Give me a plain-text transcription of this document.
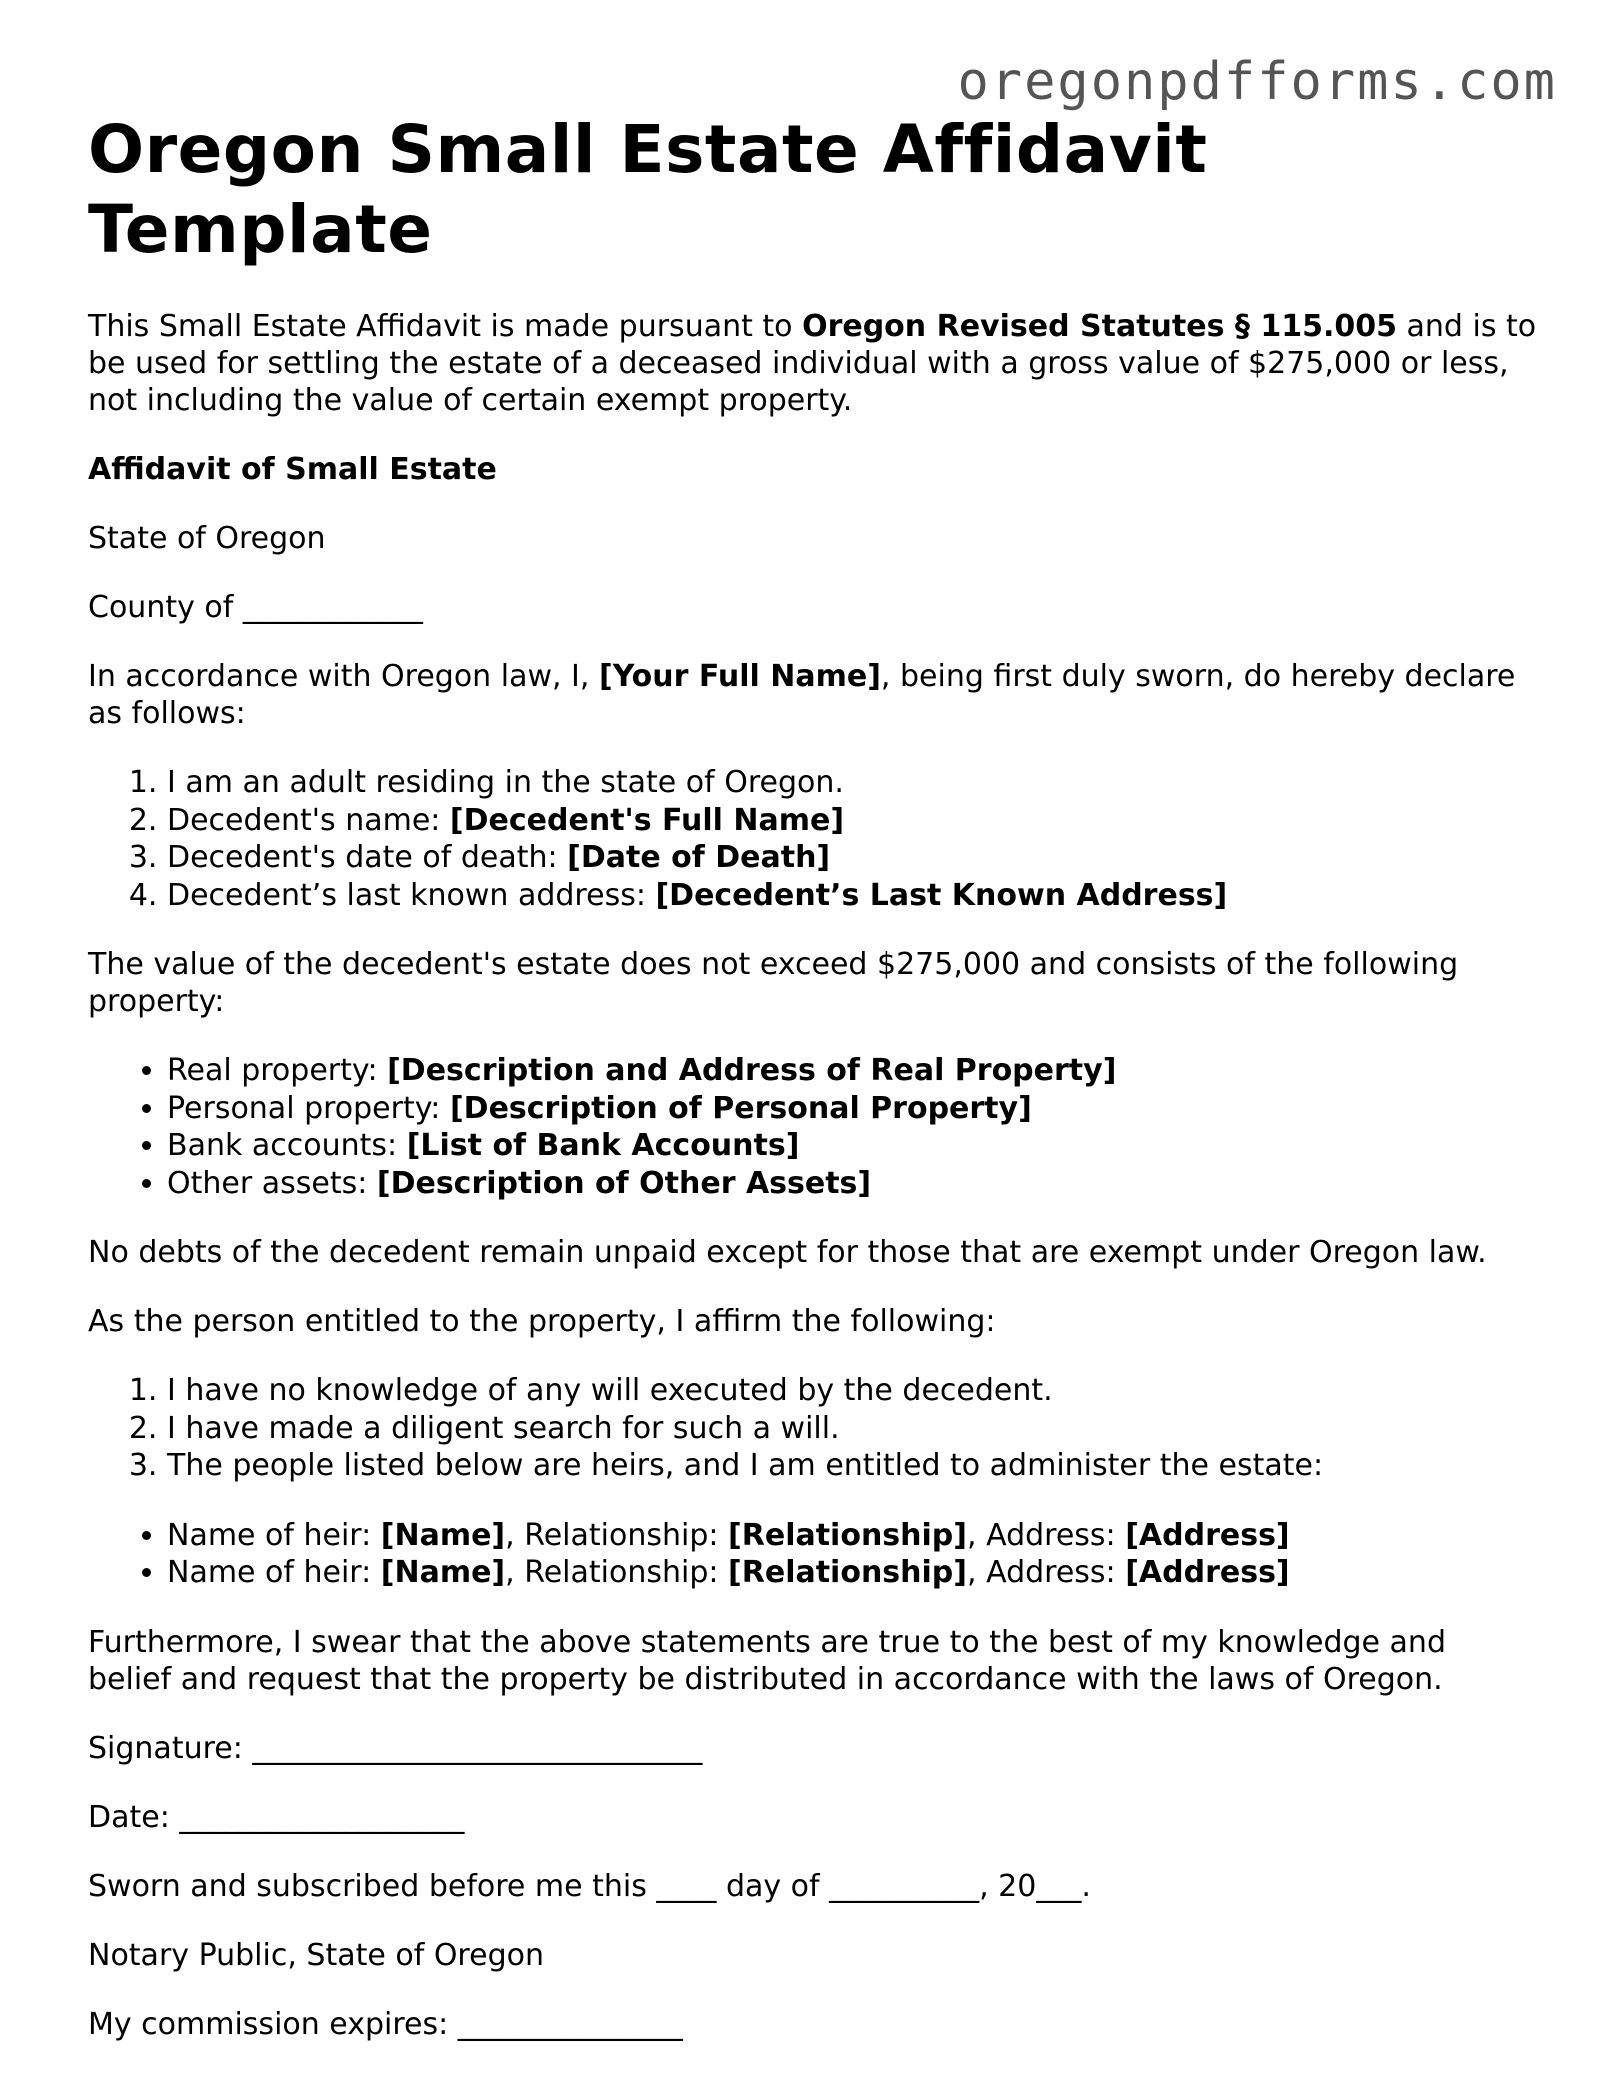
oregonpdfforms.com
Oregon Small Estate Affidavit Template

This Small Estate Affidavit is made pursuant to Oregon Revised Statutes § 115.005 and is to be used for settling the estate of a deceased individual with a gross value of $275,000 or less, not including the value of certain exempt property.

Affidavit of Small Estate

State of Oregon

County of ____________

In accordance with Oregon law, I, [Your Full Name], being first duly sworn, do hereby declare as follows:

1. I am an adult residing in the state of Oregon.
2. Decedent's name: [Decedent's Full Name]
3. Decedent's date of death: [Date of Death]
4. Decedent’s last known address: [Decedent’s Last Known Address]

The value of the decedent's estate does not exceed $275,000 and consists of the following property:

• Real property: [Description and Address of Real Property]
• Personal property: [Description of Personal Property]
• Bank accounts: [List of Bank Accounts]
• Other assets: [Description of Other Assets]

No debts of the decedent remain unpaid except for those that are exempt under Oregon law.

As the person entitled to the property, I affirm the following:

1. I have no knowledge of any will executed by the decedent.
2. I have made a diligent search for such a will.
3. The people listed below are heirs, and I am entitled to administer the estate:
• Name of heir: [Name], Relationship: [Relationship], Address: [Address]
• Name of heir: [Name], Relationship: [Relationship], Address: [Address]

Furthermore, I swear that the above statements are true to the best of my knowledge and belief and request that the property be distributed in accordance with the laws of Oregon.

Signature: ______________________________

Date: ___________________

Sworn and subscribed before me this ____ day of __________, 20___.

Notary Public, State of Oregon

My commission expires: _______________
